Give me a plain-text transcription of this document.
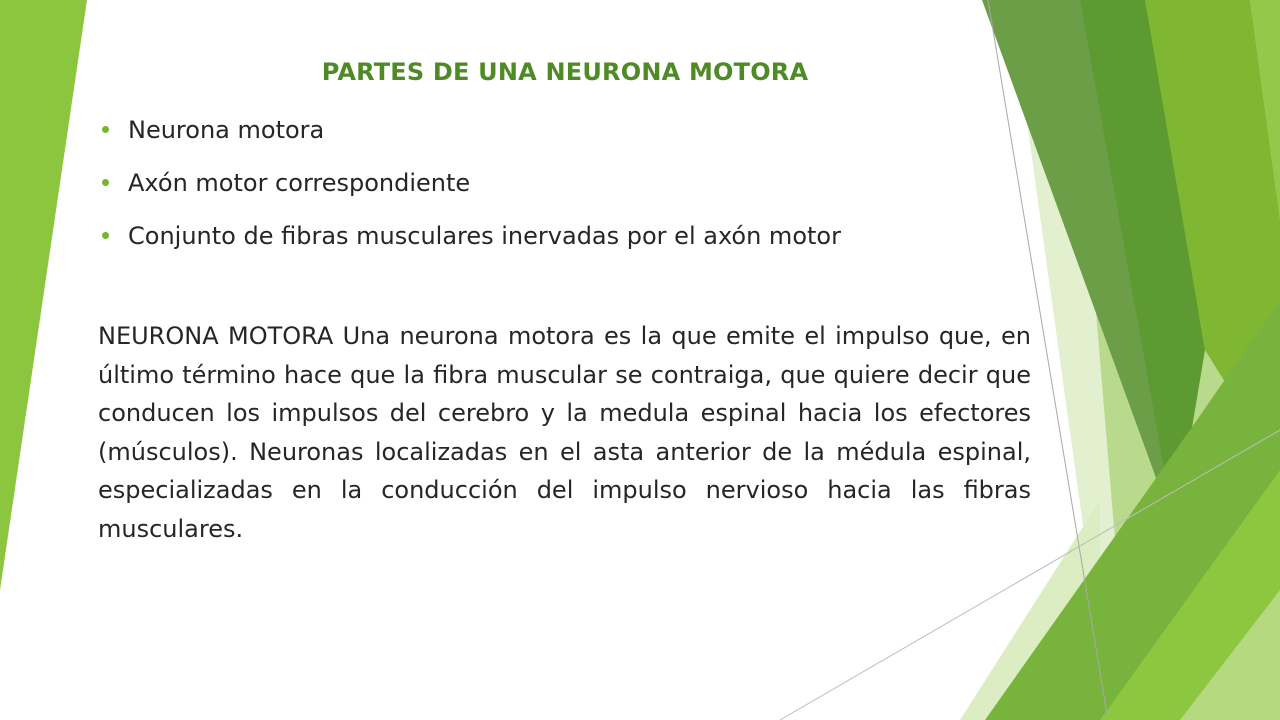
PARTES DE UNA NEURONA MOTORA
Neurona motora
Axón motor correspondiente
Conjunto de fibras musculares inervadas por el axón motor

NEURONA MOTORA Una neurona motora es la que emite el impulso que, en último término hace que la fibra muscular se contraiga, que quiere decir que conducen los impulsos del cerebro y la medula espinal hacia los efectores (músculos). Neuronas localizadas en el asta anterior de la médula espinal, especializadas en la conducción del impulso nervioso hacia las fibras musculares.
